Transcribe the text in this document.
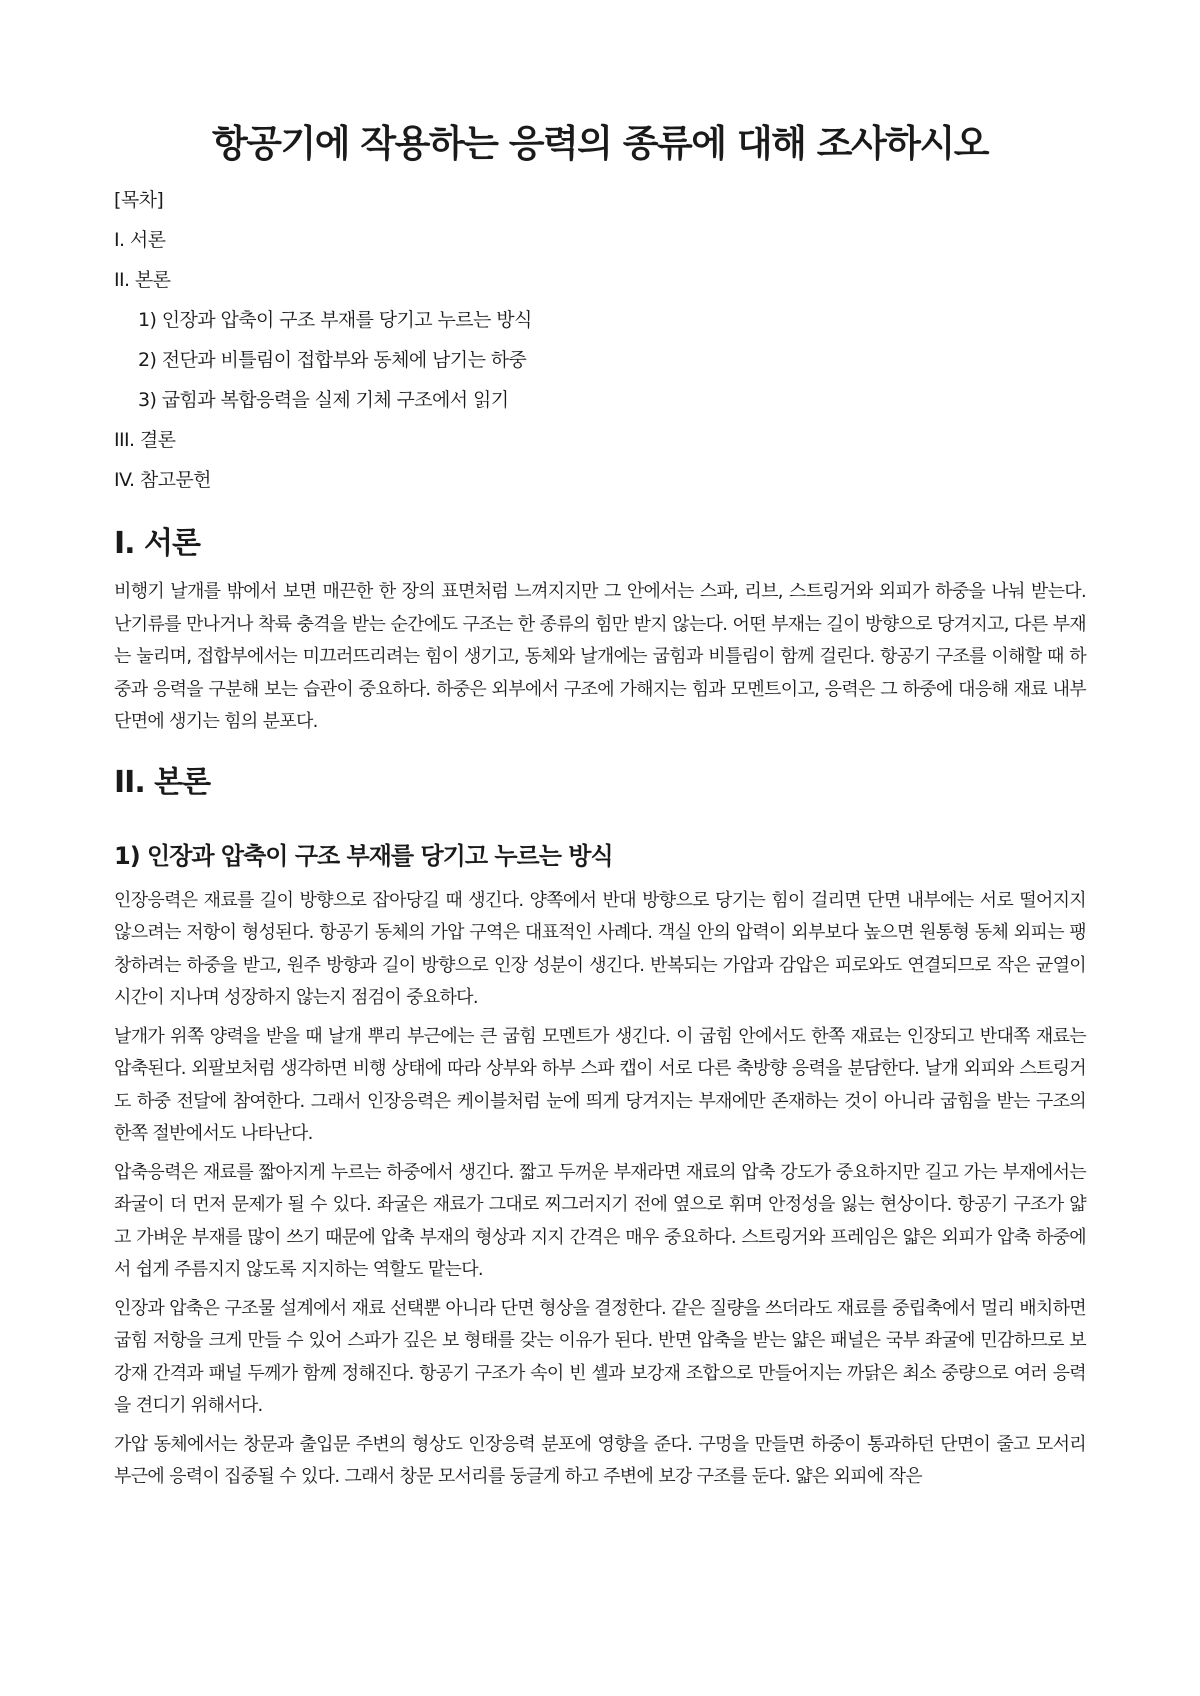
항공기에 작용하는 응력의 종류에 대해 조사하시오

[목차]

I. 서론

II. 본론

1) 인장과 압축이 구조 부재를 당기고 누르는 방식

2) 전단과 비틀림이 접합부와 동체에 남기는 하중

3) 굽힘과 복합응력을 실제 기체 구조에서 읽기

III. 결론

IV. 참고문헌

I. 서론

비행기 날개를 밖에서 보면 매끈한 한 장의 표면처럼 느껴지지만 그 안에서는 스파, 리브, 스트링거와 외피가 하중을 나눠 받는다. 난기류를 만나거나 착륙 충격을 받는 순간에도 구조는 한 종류의 힘만 받지 않는다. 어떤 부재는 길이 방향으로 당겨지고, 다른 부재는 눌리며, 접합부에서는 미끄러뜨리려는 힘이 생기고, 동체와 날개에는 굽힘과 비틀림이 함께 걸린다. 항공기 구조를 이해할 때 하중과 응력을 구분해 보는 습관이 중요하다. 하중은 외부에서 구조에 가해지는 힘과 모멘트이고, 응력은 그 하중에 대응해 재료 내부 단면에 생기는 힘의 분포다.

II. 본론
1) 인장과 압축이 구조 부재를 당기고 누르는 방식

인장응력은 재료를 길이 방향으로 잡아당길 때 생긴다. 양쪽에서 반대 방향으로 당기는 힘이 걸리면 단면 내부에는 서로 떨어지지 않으려는 저항이 형성된다. 항공기 동체의 가압 구역은 대표적인 사례다. 객실 안의 압력이 외부보다 높으면 원통형 동체 외피는 팽창하려는 하중을 받고, 원주 방향과 길이 방향으로 인장 성분이 생긴다. 반복되는 가압과 감압은 피로와도 연결되므로 작은 균열이 시간이 지나며 성장하지 않는지 점검이 중요하다.

날개가 위쪽 양력을 받을 때 날개 뿌리 부근에는 큰 굽힘 모멘트가 생긴다. 이 굽힘 안에서도 한쪽 재료는 인장되고 반대쪽 재료는 압축된다. 외팔보처럼 생각하면 비행 상태에 따라 상부와 하부 스파 캡이 서로 다른 축방향 응력을 분담한다. 날개 외피와 스트링거도 하중 전달에 참여한다. 그래서 인장응력은 케이블처럼 눈에 띄게 당겨지는 부재에만 존재하는 것이 아니라 굽힘을 받는 구조의 한쪽 절반에서도 나타난다.

압축응력은 재료를 짧아지게 누르는 하중에서 생긴다. 짧고 두꺼운 부재라면 재료의 압축 강도가 중요하지만 길고 가는 부재에서는 좌굴이 더 먼저 문제가 될 수 있다. 좌굴은 재료가 그대로 찌그러지기 전에 옆으로 휘며 안정성을 잃는 현상이다. 항공기 구조가 얇고 가벼운 부재를 많이 쓰기 때문에 압축 부재의 형상과 지지 간격은 매우 중요하다. 스트링거와 프레임은 얇은 외피가 압축 하중에서 쉽게 주름지지 않도록 지지하는 역할도 맡는다.

인장과 압축은 구조물 설계에서 재료 선택뿐 아니라 단면 형상을 결정한다. 같은 질량을 쓰더라도 재료를 중립축에서 멀리 배치하면 굽힘 저항을 크게 만들 수 있어 스파가 깊은 보 형태를 갖는 이유가 된다. 반면 압축을 받는 얇은 패널은 국부 좌굴에 민감하므로 보강재 간격과 패널 두께가 함께 정해진다. 항공기 구조가 속이 빈 셸과 보강재 조합으로 만들어지는 까닭은 최소 중량으로 여러 응력을 견디기 위해서다.

가압 동체에서는 창문과 출입문 주변의 형상도 인장응력 분포에 영향을 준다. 구멍을 만들면 하중이 통과하던 단면이 줄고 모서리 부근에 응력이 집중될 수 있다. 그래서 창문 모서리를 둥글게 하고 주변에 보강 구조를 둔다. 얇은 외피에 작은
